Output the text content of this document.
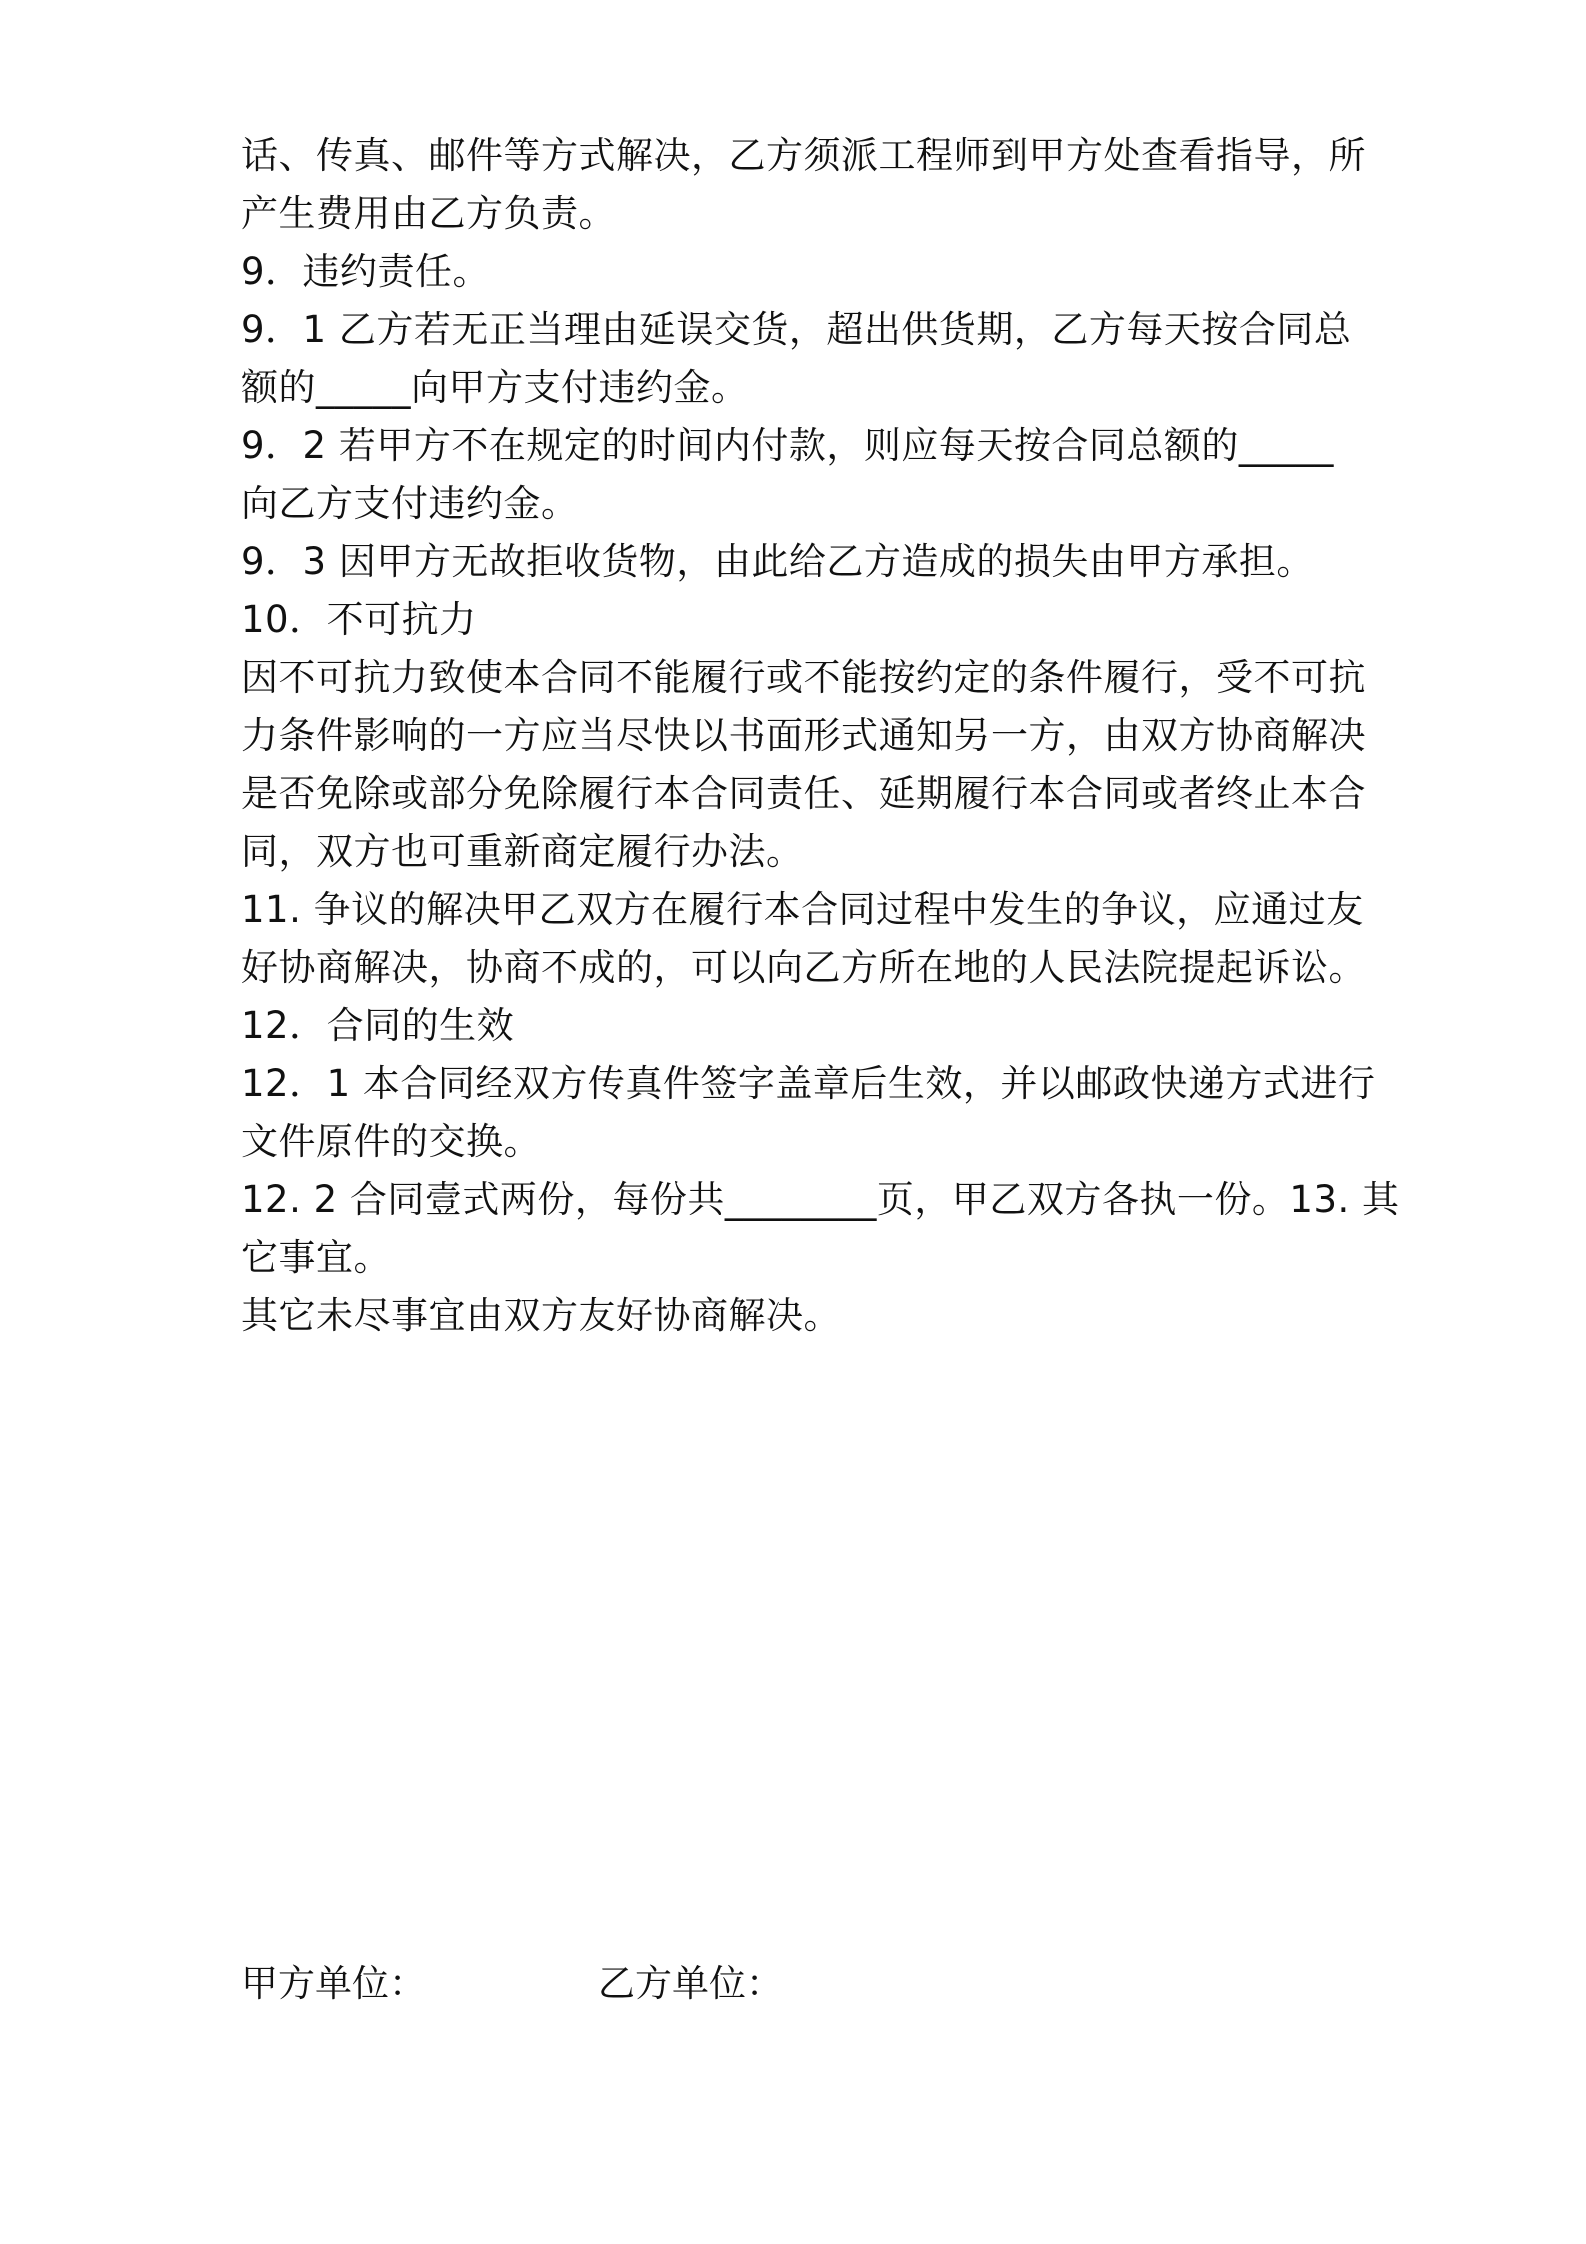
话、传真、邮件等方式解决，乙方须派工程师到甲方处查看指导，所
产生费用由乙方负责。
9．违约责任。
9．1 乙方若无正当理由延误交货，超出供货期，乙方每天按合同总
额的_____向甲方支付违约金。
9．2 若甲方不在规定的时间内付款，则应每天按合同总额的_____
向乙方支付违约金。
9．3 因甲方无故拒收货物，由此给乙方造成的损失由甲方承担。
10．不可抗力
因不可抗力致使本合同不能履行或不能按约定的条件履行，受不可抗
力条件影响的一方应当尽快以书面形式通知另一方，由双方协商解决
是否免除或部分免除履行本合同责任、延期履行本合同或者终止本合
同，双方也可重新商定履行办法。
11. 争议的解决甲乙双方在履行本合同过程中发生的争议，应通过友
好协商解决，协商不成的，可以向乙方所在地的人民法院提起诉讼。
12．合同的生效
12．1 本合同经双方传真件签字盖章后生效，并以邮政快递方式进行
文件原件的交换。
12. 2 合同壹式两份，每份共________页，甲乙双方各执一份。13. 其
它事宜。
其它未尽事宜由双方友好协商解决。
甲方单位：	乙方单位：
